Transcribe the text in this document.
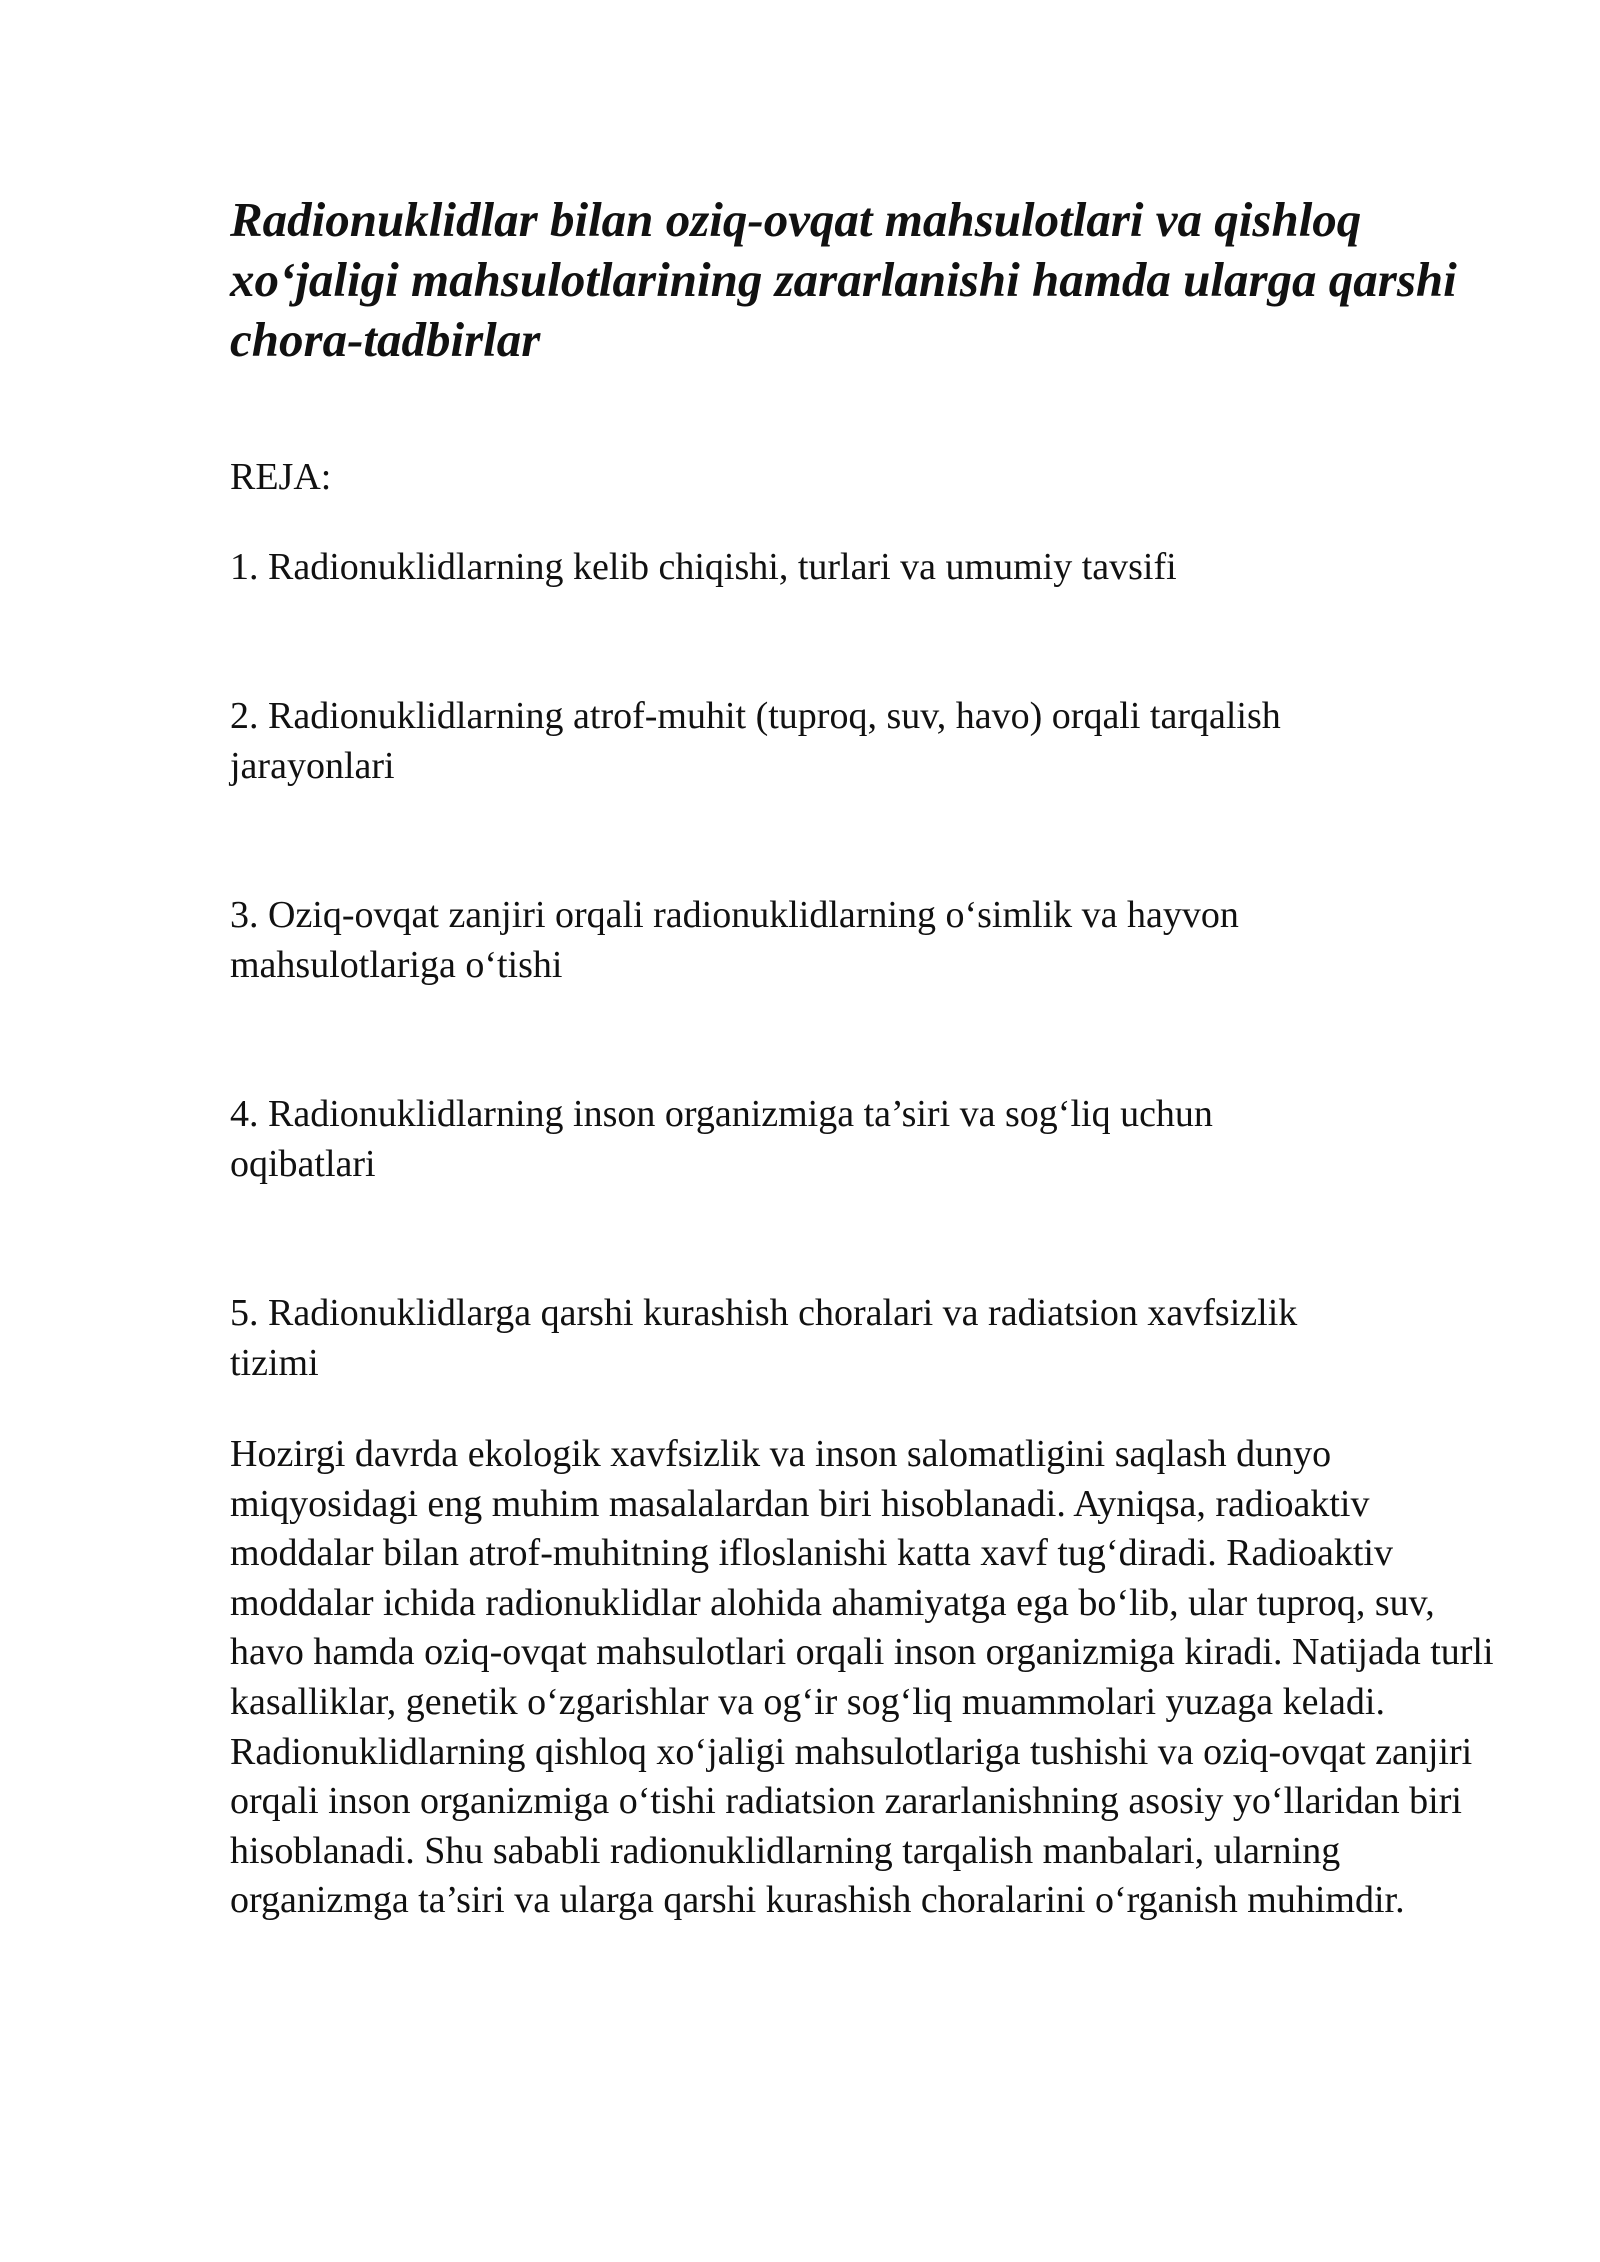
Radionuklidlar bilan oziq-ovqat mahsulotlari va qishloq xo‘jaligi mahsulotlarining zararlanishi hamda ularga qarshi chora-tadbirlar

REJA:

1. Radionuklidlarning kelib chiqishi, turlari va umumiy tavsifi
2. Radionuklidlarning atrof-muhit (tuproq, suv, havo) orqali tarqalish
jarayonlari
3. Oziq-ovqat zanjiri orqali radionuklidlarning o‘simlik va hayvon
mahsulotlariga o‘tishi
4. Radionuklidlarning inson organizmiga ta’siri va sog‘liq uchun
oqibatlari
5. Radionuklidlarga qarshi kurashish choralari va radiatsion xavfsizlik
tizimi

Hozirgi davrda ekologik xavfsizlik va inson salomatligini saqlash dunyo miqyosidagi eng muhim masalalardan biri hisoblanadi. Ayniqsa, radioaktiv moddalar bilan atrof-muhitning ifloslanishi katta xavf tug‘diradi. Radioaktiv moddalar ichida radionuklidlar alohida ahamiyatga ega bo‘lib, ular tuproq, suv, havo hamda oziq-ovqat mahsulotlari orqali inson organizmiga kiradi. Natijada turli kasalliklar, genetik o‘zgarishlar va og‘ir sog‘liq muammolari yuzaga keladi. Radionuklidlarning qishloq xo‘jaligi mahsulotlariga tushishi va oziq-ovqat zanjiri orqali inson organizmiga o‘tishi radiatsion zararlanishning asosiy yo‘llaridan biri hisoblanadi. Shu sababli radionuklidlarning tarqalish manbalari, ularning organizmga ta’siri va ularga qarshi kurashish choralarini o‘rganish muhimdir.
